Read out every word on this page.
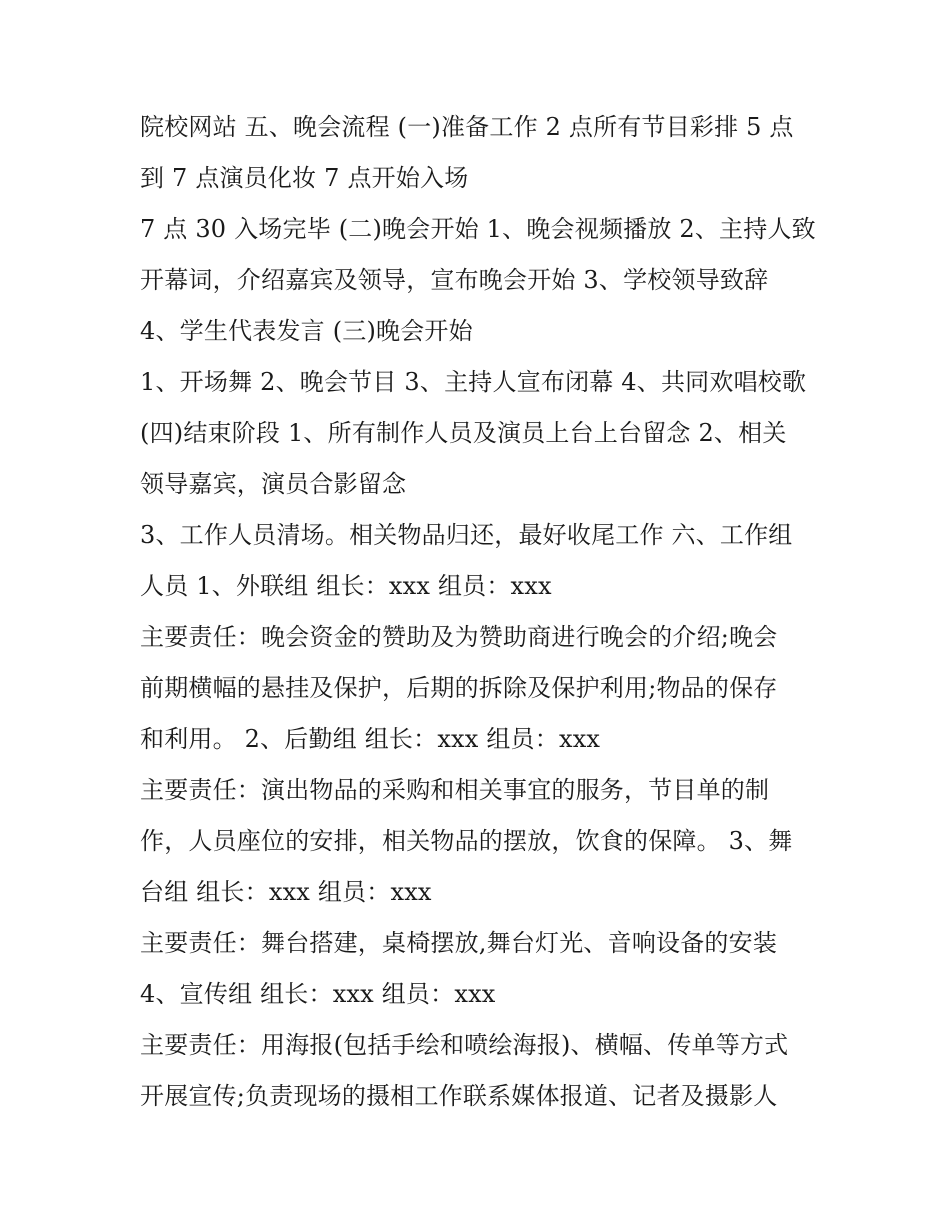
院校网站 五、晚会流程 (一)准备工作 2 点所有节目彩排 5 点
到 7 点演员化妆 7 点开始入场
7 点 30 入场完毕 (二)晚会开始 1、晚会视频播放 2、主持人致
开幕词，介绍嘉宾及领导，宣布晚会开始 3、学校领导致辞
4、学生代表发言 (三)晚会开始
1、开场舞 2、晚会节目 3、主持人宣布闭幕 4、共同欢唱校歌
(四)结束阶段 1、所有制作人员及演员上台上台留念 2、相关
领导嘉宾，演员合影留念
3、工作人员清场。相关物品归还，最好收尾工作 六、工作组
人员 1、外联组 组长：xxx 组员：xxx
主要责任：晚会资金的赞助及为赞助商进行晚会的介绍;晚会
前期横幅的悬挂及保护，后期的拆除及保护利用;物品的保存
和利用。 2、后勤组 组长：xxx 组员：xxx
主要责任：演出物品的采购和相关事宜的服务，节目单的制
作，人员座位的安排，相关物品的摆放，饮食的保障。 3、舞
台组 组长：xxx 组员：xxx
主要责任：舞台搭建，桌椅摆放,舞台灯光、音响设备的安装
4、宣传组 组长：xxx 组员：xxx
主要责任：用海报(包括手绘和喷绘海报)、横幅、传单等方式
开展宣传;负责现场的摄相工作联系媒体报道、记者及摄影人
